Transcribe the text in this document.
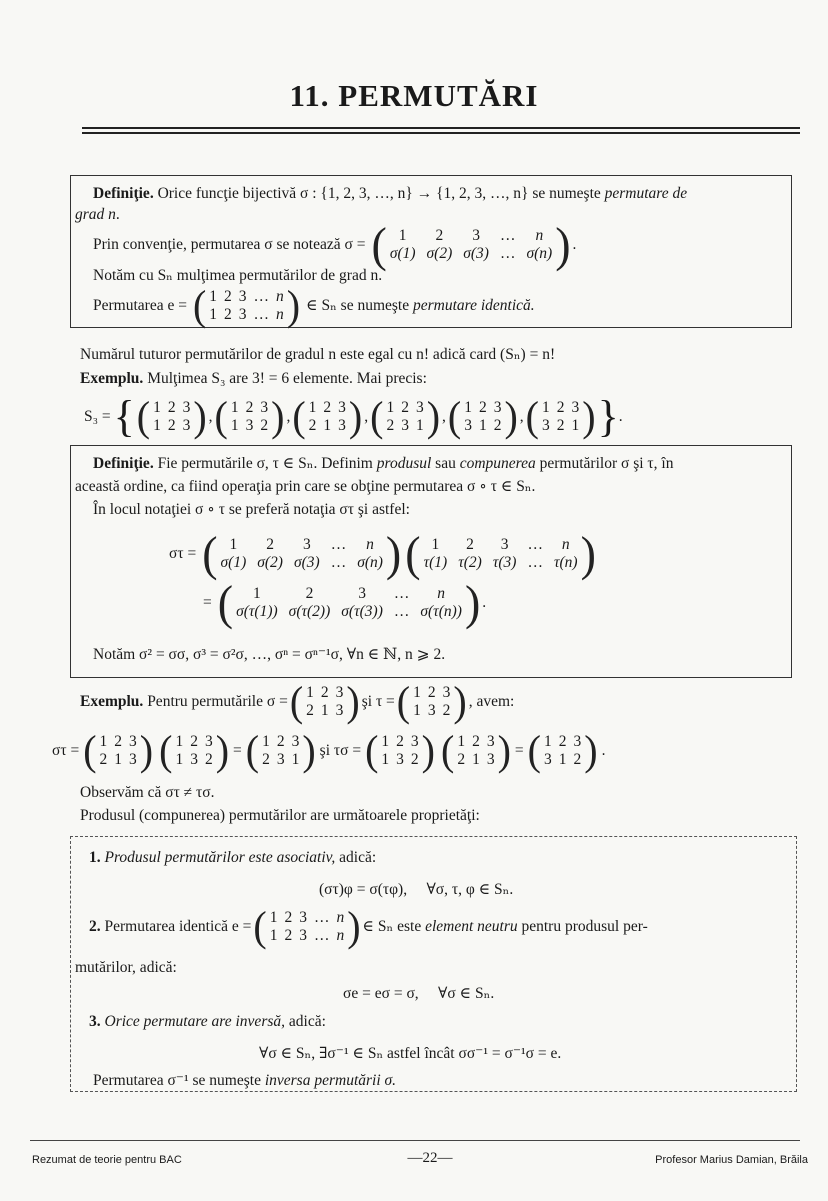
11. PERMUTĂRI
Definiţie. Orice funcţie bijectivă σ : {1, 2, 3, …, n} → {1, 2, 3, …, n} se numeşte permutare de
grad n.
Prin convenţie, permutarea σ se notează σ = ( 1	2	3	…	n
σ(1) σ(2) σ(3) … σ(n) ) .
Notăm cu Sₙ mulţimea permutărilor de grad n.
Permutarea e = ( 1 2 3 … n
1 2 3 … n ) ∈ Sₙ se numeşte permutare identică.
Numărul tuturor permutărilor de gradul n este egal cu n! adică card (Sₙ) = n!
Exemplu. Mulţimea S₃ are 3! = 6 elemente. Mai precis:
S₃ = { ( 1 2 3
1 2 3 ) , ( 1 2 3
1 3 2 ) , ( 1 2 3
2 1 3 ) , ( 1 2 3
2 3 1 ) , ( 1 2 3
3 1 2 ) , ( 1 2 3
3 2 1 ) } .
Definiţie. Fie permutările σ, τ ∈ Sₙ. Definim produsul sau compunerea permutărilor σ şi τ, în
această ordine, ca fiind operaţia prin care se obţine permutarea σ ∘ τ ∈ Sₙ.
În locul notaţiei σ ∘ τ se preferă notaţia στ şi astfel:
στ = ( 1	2	3	…	n
σ(1) σ(2) σ(3) … σ(n) ) ( 1	2	3	…	n
τ(1) τ(2) τ(3) … τ(n) )
= (	1	2	3	…	n
σ(τ(1)) σ(τ(2)) σ(τ(3)) … σ(τ(n)) ) .
Notăm σ² = σσ, σ³ = σ²σ, …, σⁿ = σⁿ⁻¹σ, ∀n ∈ ℕ, n ⩾ 2.
Exemplu. Pentru permutările σ = ( 1 2 3
2 1 3 ) şi τ = ( 1 2 3
1 3 2 ) , avem:
στ = ( 1 2 3
2 1 3 ) ( 1 2 3
1 3 2 ) = ( 1 2 3
2 3 1 ) şi τσ = ( 1 2 3
1 3 2 ) ( 1 2 3
2 1 3 ) = ( 1 2 3
3 1 2 ) .
Observăm că στ ≠ τσ.
Produsul (compunerea) permutărilor are următoarele proprietăţi:
1. Produsul permutărilor este asociativ, adică:
(στ)φ = σ(τφ),     ∀σ, τ, φ ∈ Sₙ.
2. Permutarea identică e = ( 1 2 3 … n
1 2 3 … n ) ∈ Sₙ este element neutru pentru produsul per-
mutărilor, adică:
σe = eσ = σ,     ∀σ ∈ Sₙ.
3. Orice permutare are inversă, adică:
∀σ ∈ Sₙ, ∃σ⁻¹ ∈ Sₙ astfel încât σσ⁻¹ = σ⁻¹σ = e.
Permutarea σ⁻¹ se numeşte inversa permutării σ.
Rezumat de teorie pentru BAC	—22—	Profesor Marius Damian, Brăila
